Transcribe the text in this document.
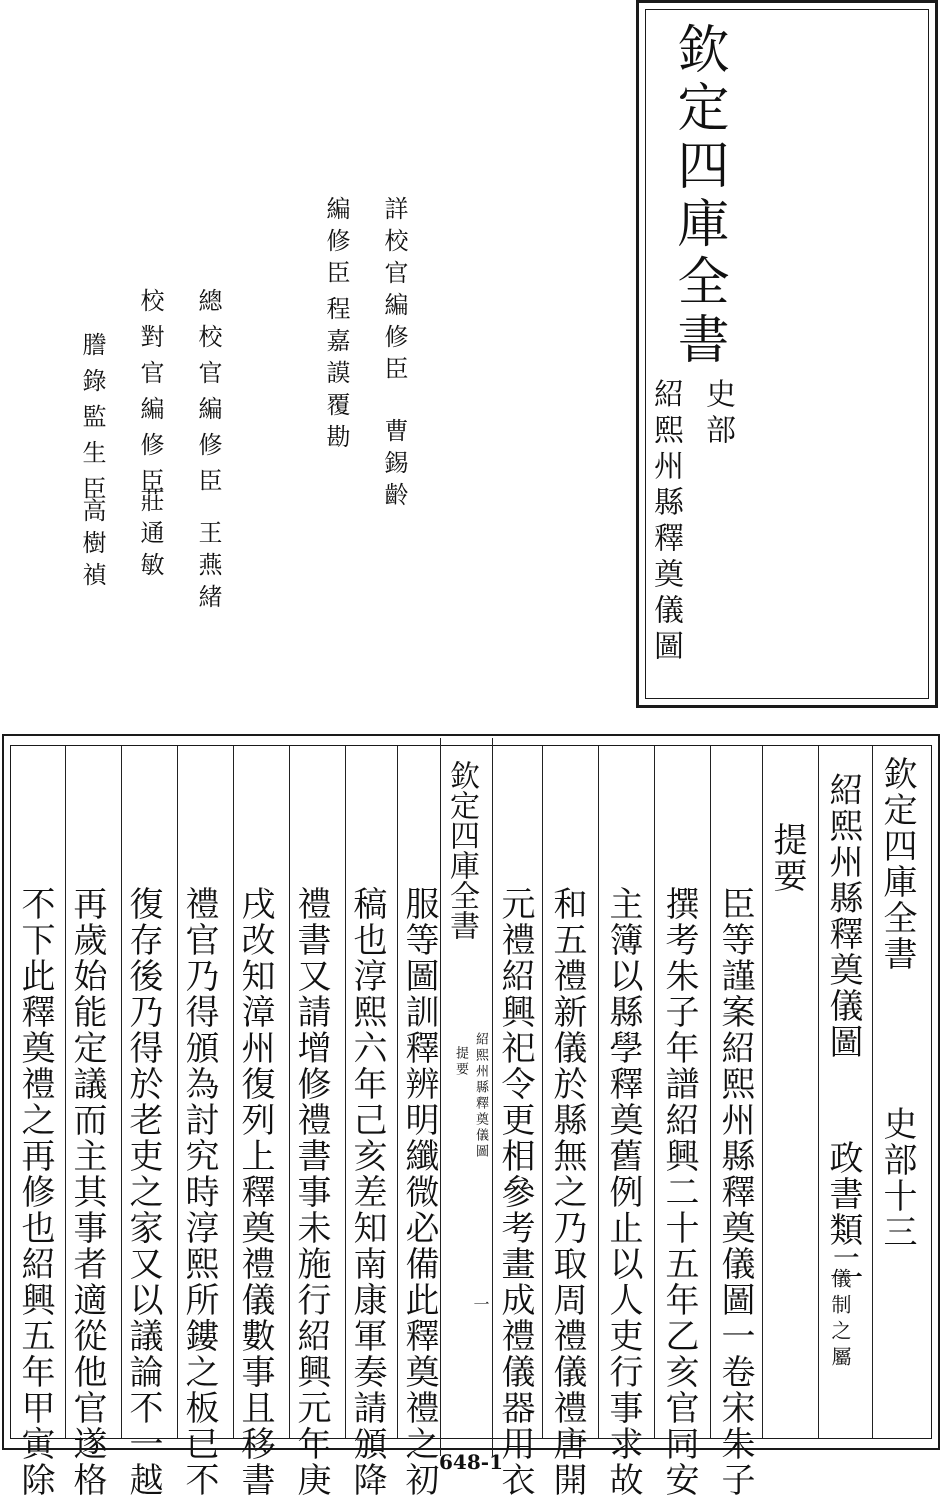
欽定四庫全書
史部
紹熙州縣釋奠儀圖
詳校官編修臣
曹錫齡
編修臣
程嘉謨覆勘
總校官編修臣
王燕緒
校對官編修臣
莊通敏
謄錄監生臣
高樹禎
欽定四庫全書
紹熙州縣釋奠儀圖
史部十三
政書類二
儀制之屬
提要
欽定四庫全書
紹熙州縣釋奠儀圖
提要
一	臣等謹案紹熙州縣釋奠儀圖一卷宋朱子
撰考朱子年譜紹興二十五年乙亥官同安
主簿以縣學釋奠舊例止以人吏行事求故
和五禮新儀於縣無之乃取周禮儀禮唐開
元禮紹興祀令更相參考畫成禮儀器用衣
服等圖訓釋辨明纖微必備此釋奠禮之初
稿也淳熙六年己亥差知南康軍奏請頒降
禮書又請增修禮書事未施行紹興元年庚
戌改知漳州復列上釋奠禮儀數事且移書
禮官乃得頒為討究時淳熙所鏤之板已不
復存後乃得於老吏之家又以議論不一越
再歲始能定議而主其事者適從他官遂格
不下此釋奠禮之再修也紹興五年甲寅除	648-1
